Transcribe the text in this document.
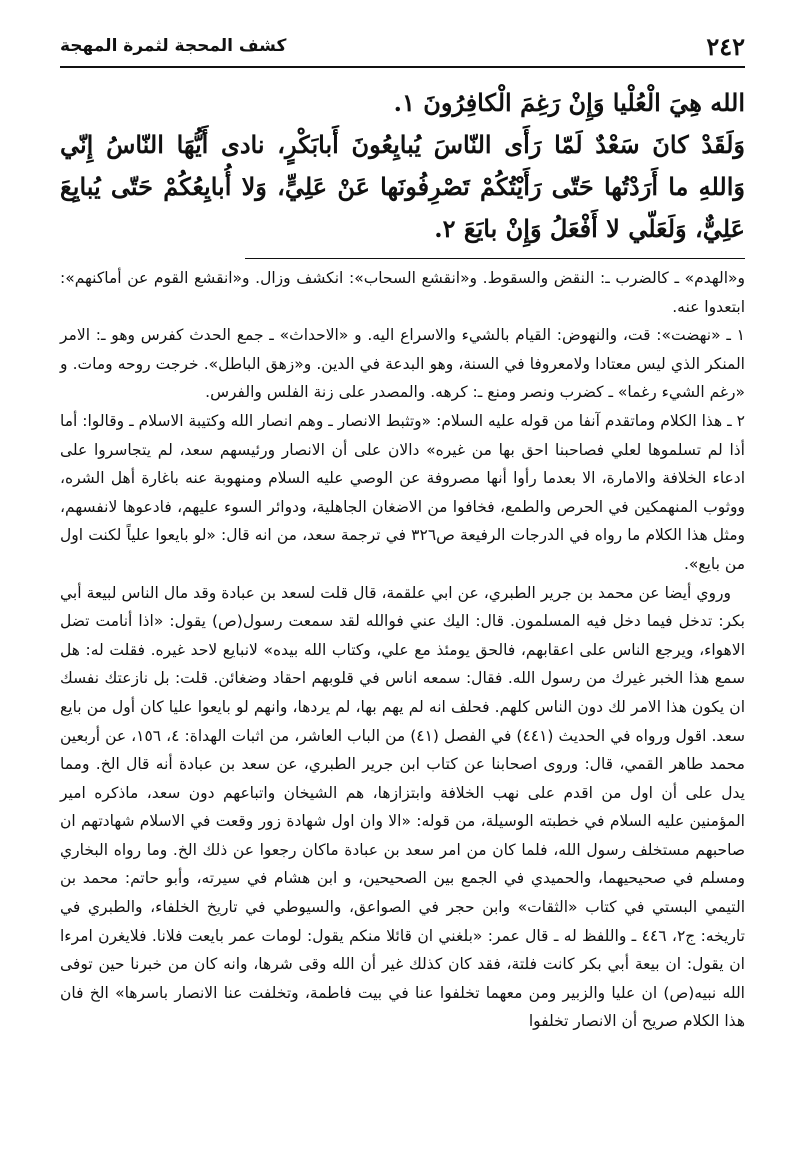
٢٤٢
كشف المحجة لثمرة المهجة

الله هِيَ الْعُلْيا وَإِنْ رَغِمَ الْكافِرُونَ ١.

وَلَقَدْ كانَ سَعْدٌ لَمّا رَأَى النّاسَ يُبايِعُونَ أَبابَكْرٍ، نادى أَيُّهَا النّاسُ إِنّي وَاللهِ ما أَرَدْتُها حَتّى رَأَيْتُكُمْ تَصْرِفُونَها عَنْ عَلِيٍّ، وَلا أُبايِعُكُمْ حَتّى يُبايِعَ عَلِيٌّ، وَلَعَلّي لا أَفْعَلُ وَإِنْ بايَعَ ٢.

و«الهدم» ـ كالضرب ـ: النقض والسقوط. و«انقشع السحاب»: انكشف وزال. و«انقشع القوم عن أماكنهم»: ابتعدوا عنه.

١ ـ «نهضت»: قت، والنهوض: القيام بالشيء والاسراع اليه. و «الاحداث» ـ جمع الحدث كفرس وهو ـ: الامر المنكر الذي ليس معتادا ولامعروفا في السنة، وهو البدعة في الدين. و«زهق الباطل». خرجت روحه ومات. و «رغم الشيء رغما» ـ كضرب ونصر ومنع ـ: كرهه. والمصدر على زنة الفلس والفرس.

٢ ـ هذا الكلام وماتقدم آنفا من قوله عليه السلام: «وتثبط الانصار ـ وهم انصار الله وكتيبة الاسلام ـ وقالوا: أما أذا لم تسلموها لعلي فصاحبنا احق بها من غيره» دالان على أن الانصار ورئيسهم سعد، لم يتجاسروا على ادعاء الخلافة والامارة، الا بعدما رأوا أنها مصروفة عن الوصي عليه السلام ومنهوبة عنه باغارة أهل الشره، ووثوب المنهمكين في الحرص والطمع، فخافوا من الاضغان الجاهلية، ودوائر السوء عليهم، فادعوها لانفسهم، ومثل هذا الكلام ما رواه في الدرجات الرفيعة ص٣٢٦ في ترجمة سعد، من انه قال: «لو بايعوا علياً لكنت اول من بايع».

وروي أيضا عن محمد بن جرير الطبري، عن ابي علقمة، قال قلت لسعد بن عبادة وقد مال الناس لبيعة أبي بكر: تدخل فيما دخل فيه المسلمون. قال: اليك عني فوالله لقد سمعت رسول(ص) يقول: «اذا أنامت تضل الاهواء، ويرجع الناس على اعقابهم، فالحق يومئذ مع علي، وكتاب الله بيده» لانبايع لاحد غيره. فقلت له: هل سمع هذا الخبر غيرك من رسول الله. فقال: سمعه اناس في قلوبهم احقاد وضغائن. قلت: بل نازعتك نفسك ان يكون هذا الامر لك دون الناس كلهم. فحلف انه لم يهم بها، لم يردها، وانهم لو بايعوا عليا كان أول من بايع سعد. اقول ورواه في الحديث (٤٤١) في الفصل (٤١) من الباب العاشر، من اثبات الهداة: ٤، ١٥٦، عن أربعين محمد طاهر القمي، قال: وروى اصحابنا عن كتاب ابن جرير الطبري، عن سعد بن عبادة أنه قال الخ. ومما يدل على أن اول من اقدم على نهب الخلافة وابتزازها، هم الشيخان واتباعهم دون سعد، ماذكره امير المؤمنين عليه السلام في خطبته الوسيلة، من قوله: «الا وان اول شهادة زور وقعت في الاسلام شهادتهم ان صاحبهم مستخلف رسول الله، فلما كان من امر سعد بن عبادة ماكان رجعوا عن ذلك الخ. وما رواه البخاري ومسلم في صحيحيهما، والحميدي في الجمع بين الصحيحين، و ابن هشام في سيرته، وأبو حاتم: محمد بن التيمي البستي في كتاب «الثقات» وابن حجر في الصواعق، والسيوطي في تاريخ الخلفاء، والطبري في تاريخه: ج٢، ٤٤٦ ـ واللفظ له ـ قال عمر: «بلغني ان قائلا منكم يقول: لومات عمر بايعت فلانا. فلايغرن امرءا ان يقول: ان بيعة أبي بكر كانت فلتة، فقد كان كذلك غير أن الله وقى شرها، وانه كان من خبرنا حين توفى الله نبيه(ص) ان عليا والزبير ومن معهما تخلفوا عنا في بيت فاطمة، وتخلفت عنا الانصار باسرها» الخ فان هذا الكلام صريح أن الانصار تخلفوا
